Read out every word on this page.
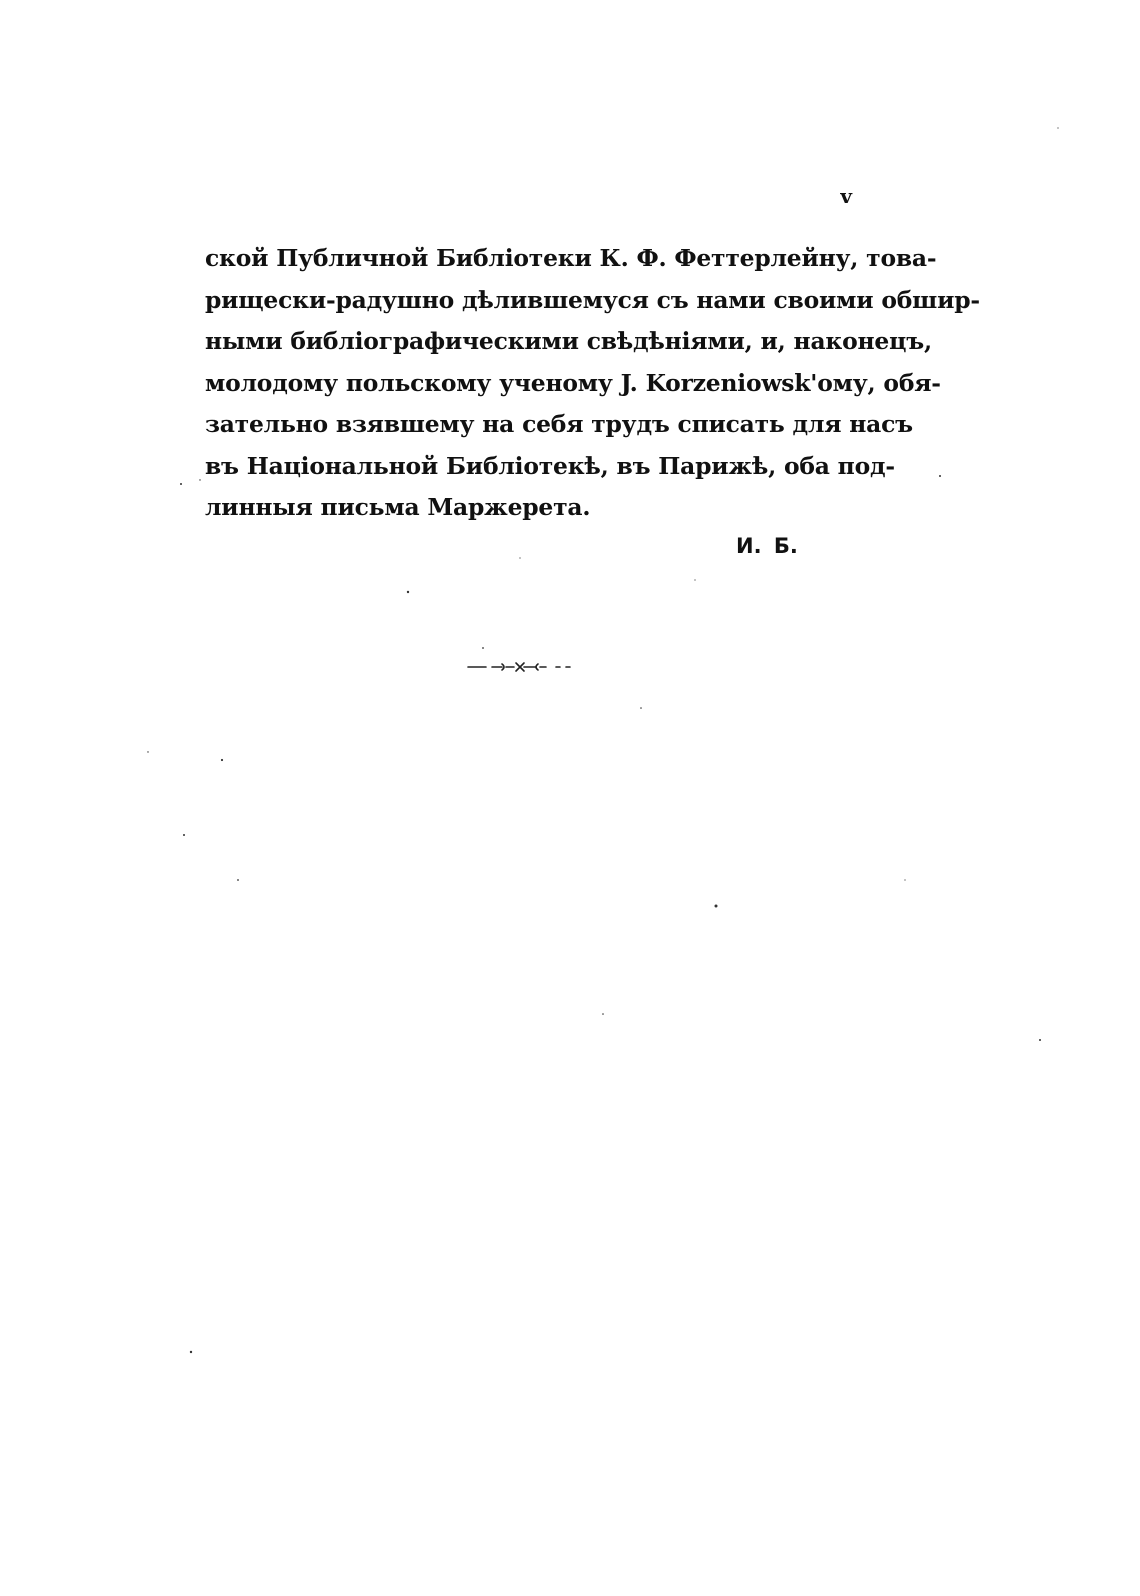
v
ской Публичной Библіотеки К. Ф. Феттерлейну, това-
рищески-радушно дѣлившемуся съ нами своими обшир-
ными библіографическими свѣдѣніями, и, наконецъ,
молодому польскому ученому J. Korzeniowsk'ому, обя-
зательно взявшему на себя трудъ списать для насъ
въ Національной Библіотекѣ, въ Парижѣ, оба под-
линныя письма Маржерета.
И. Б.
